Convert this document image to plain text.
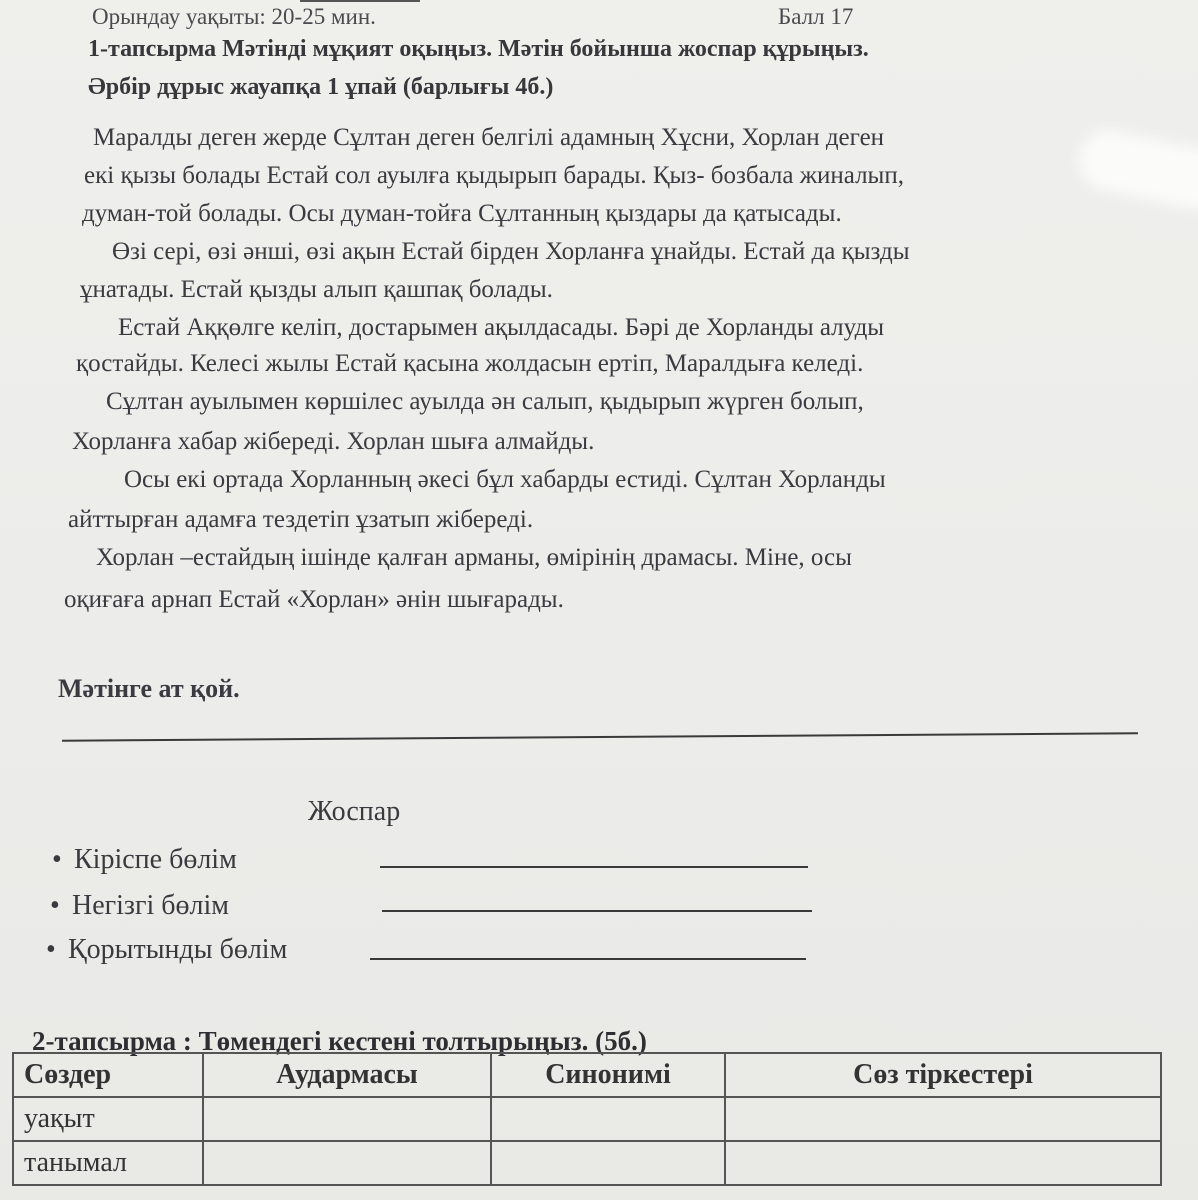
Орындау уақыты: 20-25 мин.	Балл 17
1-тапсырма Мәтінді мұқият оқыңыз. Мәтін бойынша жоспар құрыңыз.
Әрбір дұрыс жауапқа 1 ұпай (барлығы 4б.)
Маралды деген жерде Сұлтан деген белгілі адамның Хұсни, Хорлан деген
екі қызы болады Естай сол ауылға қыдырып барады. Қыз- бозбала жиналып,
думан-той болады. Осы думан-тойға Сұлтанның қыздары да қатысады.
Өзі сері, өзі әнші, өзі ақын Естай бірден Хорланға ұнайды. Естай да қызды
ұнатады. Естай қызды алып қашпақ болады.
Естай Аққөлге келіп, достарымен ақылдасады. Бәрі де Хорланды алуды
қостайды. Келесі жылы Естай қасына жолдасын ертіп, Маралдыға келеді.
Сұлтан ауылымен көршілес ауылда ән салып, қыдырып жүрген болып,
Хорланға хабар жібереді. Хорлан шыға алмайды.
Осы екі ортада Хорланның әкесі бұл хабарды естиді. Сұлтан Хорланды
айттырған адамға тездетіп ұзатып жібереді.
Хорлан –естайдың ішінде қалған арманы, өмірінің драмасы. Міне, осы
оқиғаға арнап Естай «Хорлан» әнін шығарады.
Мәтінге ат қой.
Жоспар
• Кіріспе бөлім
• Негізгі бөлім
• Қорытынды бөлім
2-тапсырма : Төмендегі кестені толтырыңыз. (5б.)
Сөздер	Аудармасы	Синонимі	Сөз тіркестері
уақыт			
танымал			
